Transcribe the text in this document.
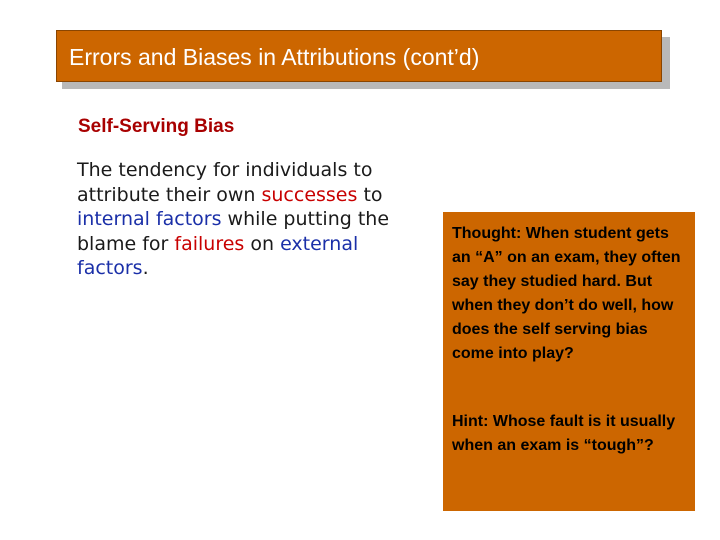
Errors and Biases in Attributions (cont’d)
Self-Serving Bias
The tendency for individuals to attribute their own successes to internal factors while putting the blame for failures on external factors.

Thought: When student gets an “A” on an exam, they often say they studied hard. But when they don’t do well, how does the self serving bias come into play?

Hint: Whose fault is it usually when an exam is “tough”?
